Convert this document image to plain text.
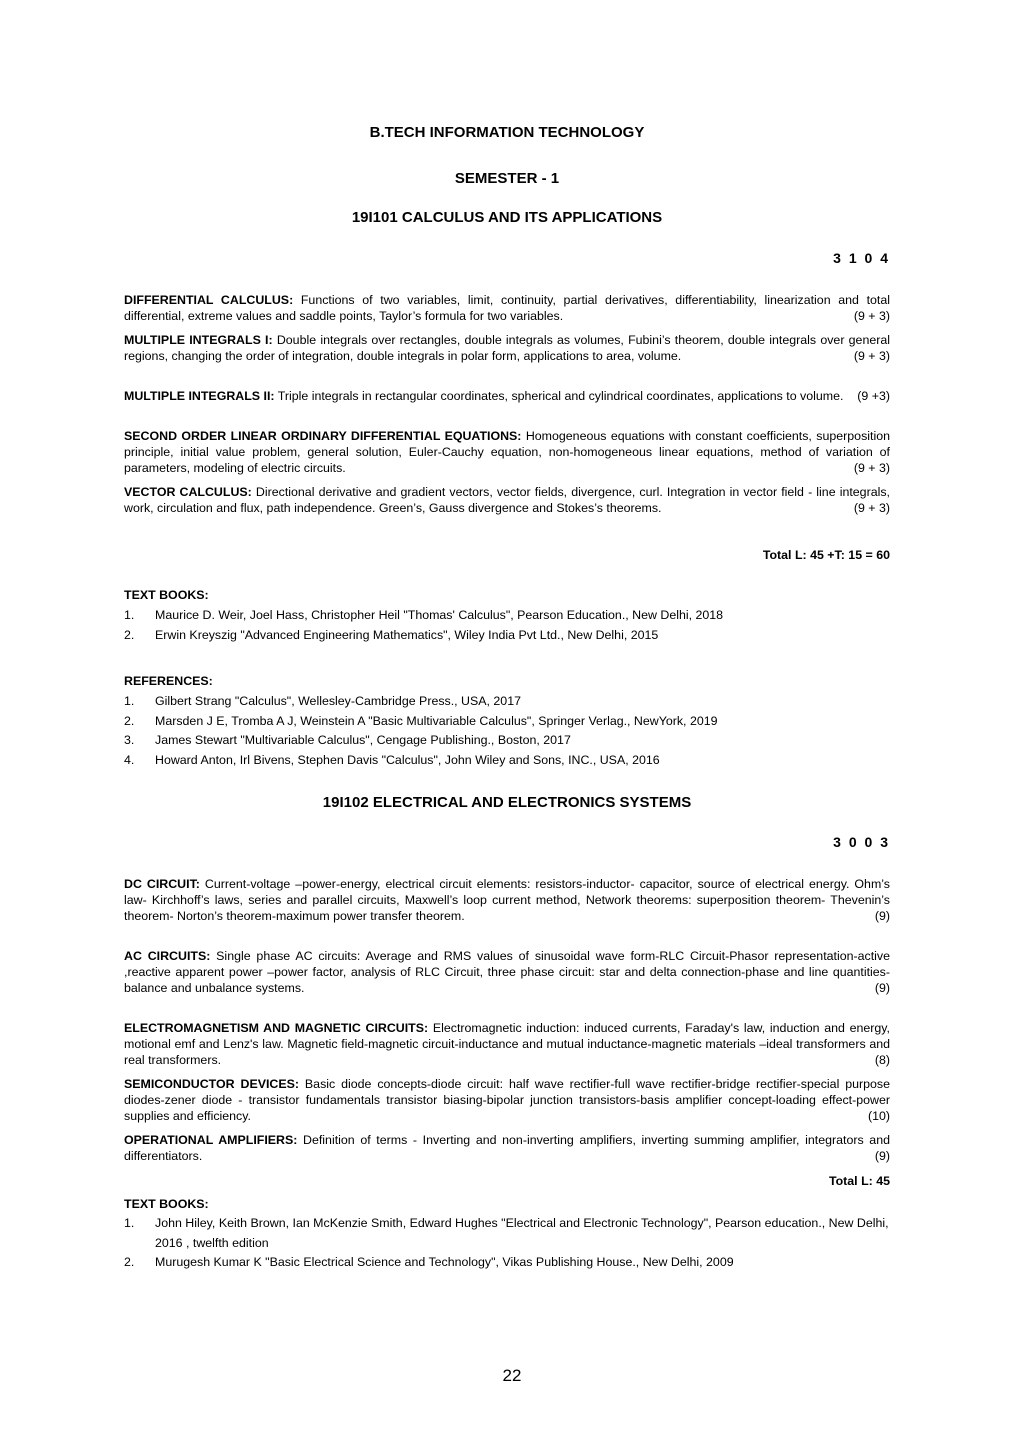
B.TECH INFORMATION TECHNOLOGY
SEMESTER - 1
19I101 CALCULUS AND ITS APPLICATIONS
3 1 0 4
DIFFERENTIAL CALCULUS: Functions of two variables, limit, continuity, partial derivatives, differentiability, linearization and total differential, extreme values and saddle points, Taylor’s formula for two variables.	(9 + 3)
MULTIPLE INTEGRALS I: Double integrals over rectangles, double integrals as volumes, Fubini’s theorem, double integrals over general regions, changing the order of integration, double integrals in polar form, applications to area, volume.	(9 + 3)
MULTIPLE INTEGRALS II: Triple integrals in rectangular coordinates, spherical and cylindrical coordinates, applications to volume. (9 +3)
SECOND ORDER LINEAR ORDINARY DIFFERENTIAL EQUATIONS: Homogeneous equations with constant coefficients, superposition principle, initial value problem, general solution, Euler-Cauchy equation, non-homogeneous linear equations, method of variation of parameters, modeling of electric circuits.	(9 + 3)
VECTOR CALCULUS: Directional derivative and gradient vectors, vector fields, divergence, curl. Integration in vector field - line integrals, work, circulation and flux, path independence. Green’s, Gauss divergence and Stokes’s theorems.	(9 + 3)
Total L: 45 +T: 15 = 60
TEXT BOOKS:
1.	Maurice D. Weir, Joel Hass, Christopher Heil "Thomas' Calculus", Pearson Education., New Delhi, 2018
2.	Erwin Kreyszig "Advanced Engineering Mathematics", Wiley India Pvt Ltd., New Delhi, 2015
REFERENCES:
1.	Gilbert Strang "Calculus", Wellesley-Cambridge Press., USA, 2017
2.	Marsden J E, Tromba A J, Weinstein A "Basic Multivariable Calculus", Springer Verlag., NewYork, 2019
3.	James Stewart "Multivariable Calculus", Cengage Publishing., Boston, 2017
4.	Howard Anton, Irl Bivens, Stephen Davis "Calculus", John Wiley and Sons, INC., USA, 2016
19I102 ELECTRICAL AND ELECTRONICS SYSTEMS
3 0 0 3
DC CIRCUIT: Current-voltage –power-energy, electrical circuit elements: resistors-inductor- capacitor, source of electrical energy. Ohm’s law- Kirchhoff’s laws, series and parallel circuits, Maxwell’s loop current method, Network theorems: superposition theorem- Thevenin’s theorem- Norton’s theorem-maximum power transfer theorem.	(9)
AC CIRCUITS: Single phase AC circuits: Average and RMS values of sinusoidal wave form-RLC Circuit-Phasor representation-active ,reactive apparent power –power factor, analysis of RLC Circuit, three phase circuit: star and delta connection-phase and line quantities-balance and unbalance systems.	(9)
ELECTROMAGNETISM AND MAGNETIC CIRCUITS: Electromagnetic induction: induced currents, Faraday's law, induction and energy, motional emf and Lenz's law. Magnetic field-magnetic circuit-inductance and mutual inductance-magnetic materials –ideal transformers and real transformers.	(8)
SEMICONDUCTOR DEVICES: Basic diode concepts-diode circuit: half wave rectifier-full wave rectifier-bridge rectifier-special purpose diodes-zener diode - transistor fundamentals transistor biasing-bipolar junction transistors-basis amplifier concept-loading effect-power supplies and efficiency.	(10)
OPERATIONAL AMPLIFIERS: Definition of terms - Inverting and non-inverting amplifiers, inverting summing amplifier, integrators and differentiators.	(9)
Total L: 45
TEXT BOOKS:
1.	John Hiley, Keith Brown, Ian McKenzie Smith, Edward Hughes "Electrical and Electronic Technology", Pearson education., New Delhi, 2016 , twelfth edition
2.	Murugesh Kumar K "Basic Electrical Science and Technology", Vikas Publishing House., New Delhi, 2009
22
